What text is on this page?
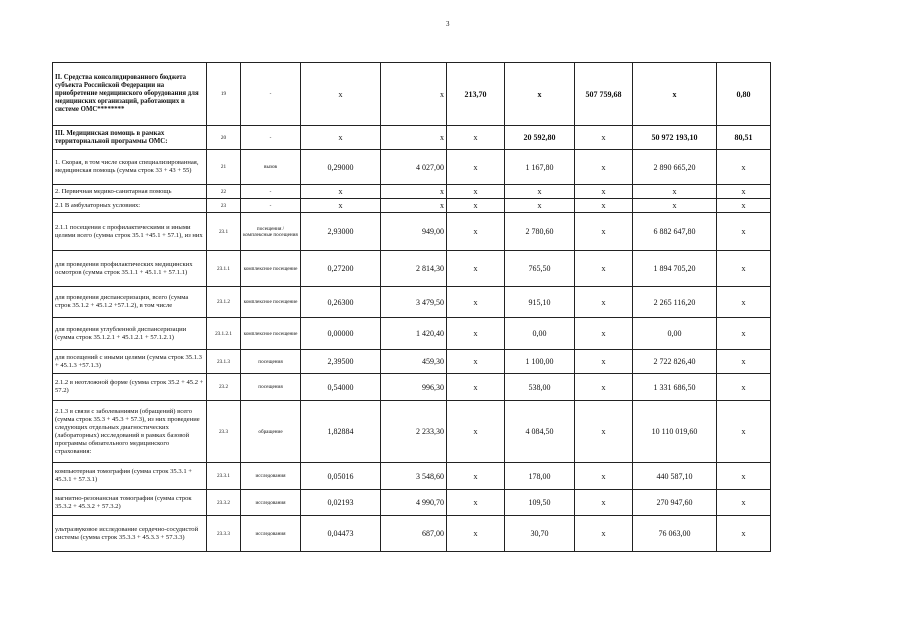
3
II. Средства консолидированного бюджета субъекта Российской Федерации на приобретение медицинского оборудования для медицинских организаций, работающих в системе ОМС********	19	-	х	х	213,70	х	507 759,68	х	0,80
III. Медицинская помощь в рамках территориальной программы ОМС:	20	-	х	х	х	20 592,80	х	50 972 193,10	80,51
1. Скорая, в том числе скорая специализированная, медицинская помощь (сумма строк 33 + 43 + 55)	21	вызов	0,29000	4 027,00	х	1 167,80	х	2 890 665,20	х
2. Первичная медико-санитарная помощь	22	-	х	х	х	х	х	х	х
2.1 В амбулаторных условиях:	23	-	х	х	х	х	х	х	х
2.1.1 посещения с профилактическими и иными целями всего (сумма строк 35.1 +45.1 + 57.1), из них	23.1	посещения / комплексные посещения	2,93000	949,00	х	2 780,60	х	6 882 647,80	х
для проведения профилактических медицинских осмотров (сумма строк 35.1.1 + 45.1.1 + 57.1.1)	23.1.1	комплексное посещение	0,27200	2 814,30	х	765,50	х	1 894 705,20	х
для проведения диспансеризации, всего (сумма строк 35.1.2 + 45.1.2 +57.1.2), в том числе	23.1.2	комплексное посещение	0,26300	3 479,50	х	915,10	х	2 265 116,20	х
для проведения углубленной диспансеризации (сумма строк 35.1.2.1 + 45.1.2.1 + 57.1.2.1)	23.1.2.1	комплексное посещение	0,00000	1 420,40	х	0,00	х	0,00	х
для посещений с иными целями (сумма строк 35.1.3 + 45.1.3 +57.1.3)	23.1.3	посещения	2,39500	459,30	х	1 100,00	х	2 722 826,40	х
2.1.2 в неотложной форме (сумма строк 35.2 + 45.2 + 57.2)	23.2	посещения	0,54000	996,30	х	538,00	х	1 331 686,50	х
2.1.3 в связи с заболеваниями (обращений) всего (сумма строк 35.3 + 45.3 + 57.3), из них проведение следующих отдельных диагностических (лабораторных) исследований в рамках базовой программы обязательного медицинского страхования:	23.3	обращение	1,82884	2 233,30	х	4 084,50	х	10 110 019,60	х
компьютерная томография (сумма строк 35.3.1 + 45.3.1 + 57.3.1)	23.3.1	исследования	0,05016	3 548,60	х	178,00	х	440 587,10	х
магнитно-резонансная томография (сумма строк 35.3.2 + 45.3.2 + 57.3.2)	23.3.2	исследования	0,02193	4 990,70	х	109,50	х	270 947,60	х
ультразвуковое исследование сердечно-сосудистой системы (сумма строк 35.3.3 + 45.3.3 + 57.3.3)	23.3.3	исследования	0,04473	687,00	х	30,70	х	76 063,00	х
